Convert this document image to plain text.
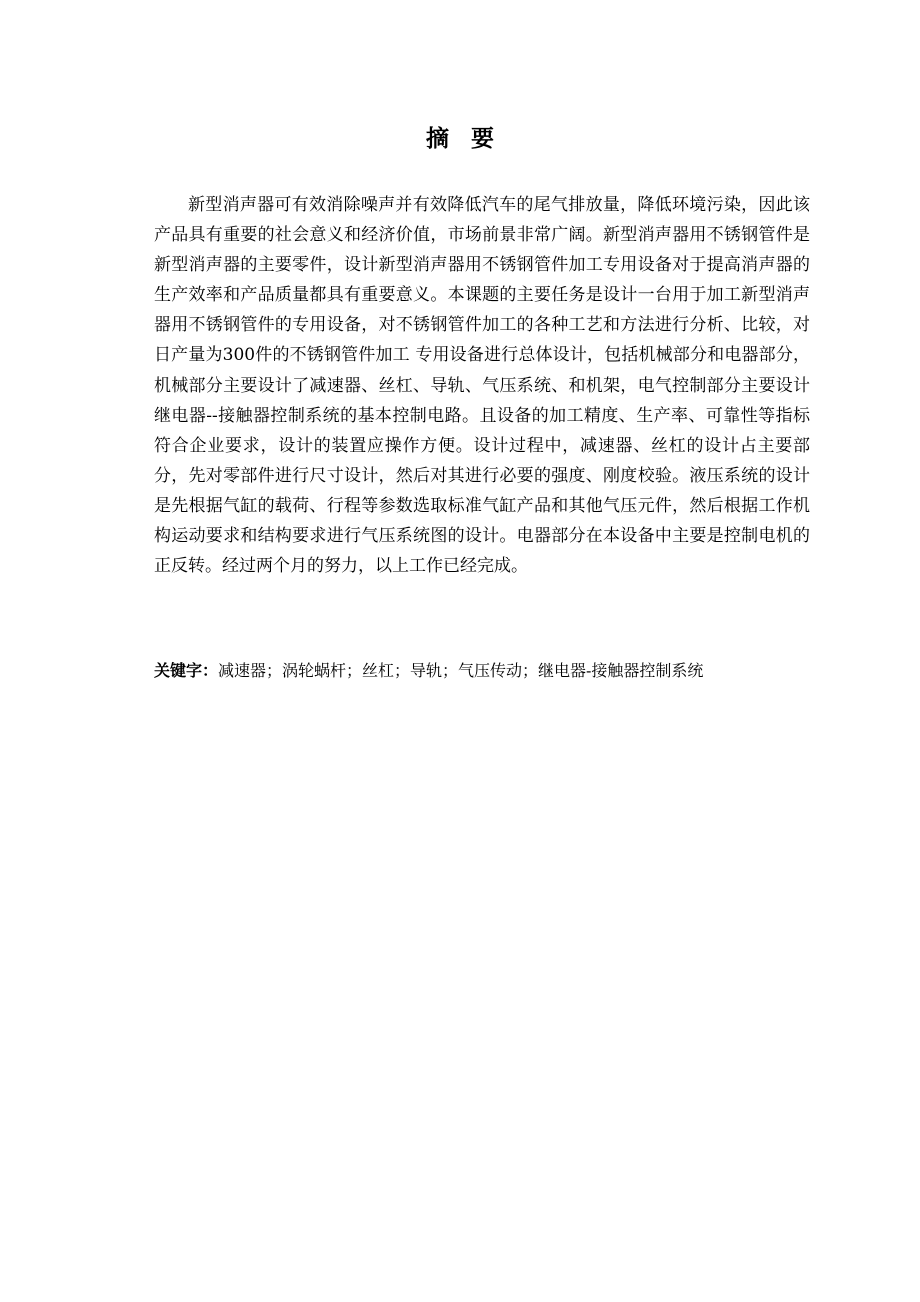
摘要

新型消声器可有效消除噪声并有效降低汽车的尾气排放量，降低环境污染，因此该产品具有重要的社会意义和经济价值，市场前景非常广阔。新型消声器用不锈钢管件是新型消声器的主要零件，设计新型消声器用不锈钢管件加工专用设备对于提高消声器的生产效率和产品质量都具有重要意义。本课题的主要任务是设计一台用于加工新型消声器用不锈钢管件的专用设备，对不锈钢管件加工的各种工艺和方法进行分析、比较，对日产量为300件的不锈钢管件加工 专用设备进行总体设计，包括机械部分和电器部分，机械部分主要设计了减速器、丝杠、导轨、气压系统、和机架，电气控制部分主要设计继电器--接触器控制系统的基本控制电路。且设备的加工精度、生产率、可靠性等指标符合企业要求，设计的装置应操作方便。设计过程中，减速器、丝杠的设计占主要部分，先对零部件进行尺寸设计，然后对其进行必要的强度、刚度校验。液压系统的设计是先根据气缸的载荷、行程等参数选取标准气缸产品和其他气压元件，然后根据工作机构运动要求和结构要求进行气压系统图的设计。电器部分在本设备中主要是控制电机的正反转。经过两个月的努力，以上工作已经完成。

关键字：减速器；涡轮蜗杆；丝杠；导轨；气压传动；继电器-接触器控制系统
